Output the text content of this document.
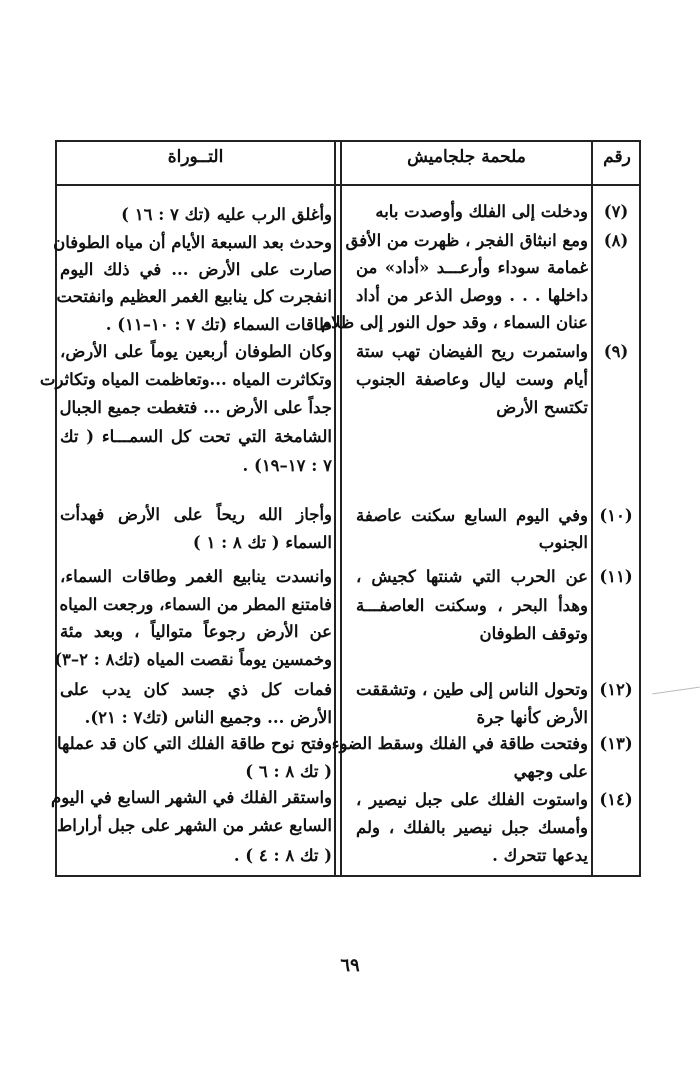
رقم
ملحمة جلجاميش
التــوراة
(٧)
ودخلت إلى الفلك وأوصدت بابه
وأغلق الرب عليه (تك ٧ : ١٦ )
(٨)
ومع انبثاق الفجر ، ظهرت من الأفق
غمامة سوداء وأرعـــد «أداد» من
داخلها . . . ووصل الذعر من أداد
عنان السماء ، وقد حول النور إلى ظلام
وحدث بعد السبعة الأيام أن مياه الطوفان
صارت على الأرض ... في ذلك اليوم
انفجرت كل ينابيع الغمر العظيم وانفتحت
طاقات السماء (تك ٧ : ١٠–١١) .
(٩)
واستمرت ريح الفيضان تهب ستة
أيام وست ليال وعاصفة الجنوب
تكتسح الأرض
وكان الطوفان أربعين يوماً على الأرض،
وتكاثرت المياه ...وتعاظمت المياه وتكاثرت
جداً على الأرض ... فتغطت جميع الجبال
الشامخة التي تحت كل السمـــاء ( تك
٧ : ١٧–١٩) .
(١٠)
وفي اليوم السابع سكنت عاصفة
الجنوب
وأجاز الله ريحاً على الأرض فهدأت
السماء ( تك ٨ : ١ )
(١١)
عن الحرب التي شنتها كجيش ،
وهدأ البحر ، وسكنت العاصفـــة
وتوقف الطوفان
وانسدت ينابيع الغمر وطاقات السماء،
فامتنع المطر من السماء، ورجعت المياه
عن الأرض رجوعاً متوالياً ، وبعد مئة
وخمسين يوماً نقصت المياه (تك٨ : ٢–٣)
(١٢)
وتحول الناس إلى طين ، وتشققت
الأرض كأنها جرة
فمات كل ذي جسد كان يدب على
الأرض ... وجميع الناس (تك٧ : ٢١).
(١٣)
وفتحت طاقة في الفلك وسقط الضوء
على وجهي
وفتح نوح طاقة الفلك التي كان قد عملها
( تك ٨ : ٦ )
(١٤)
واستوت الفلك على جبل نيصير ،
وأمسك جبل نيصير بالفلك ، ولم
يدعها تتحرك .
واستقر الفلك في الشهر السابع في اليوم
السابع عشر من الشهر على جبل أراراط
( تك ٨ : ٤ ) .
٦٩
